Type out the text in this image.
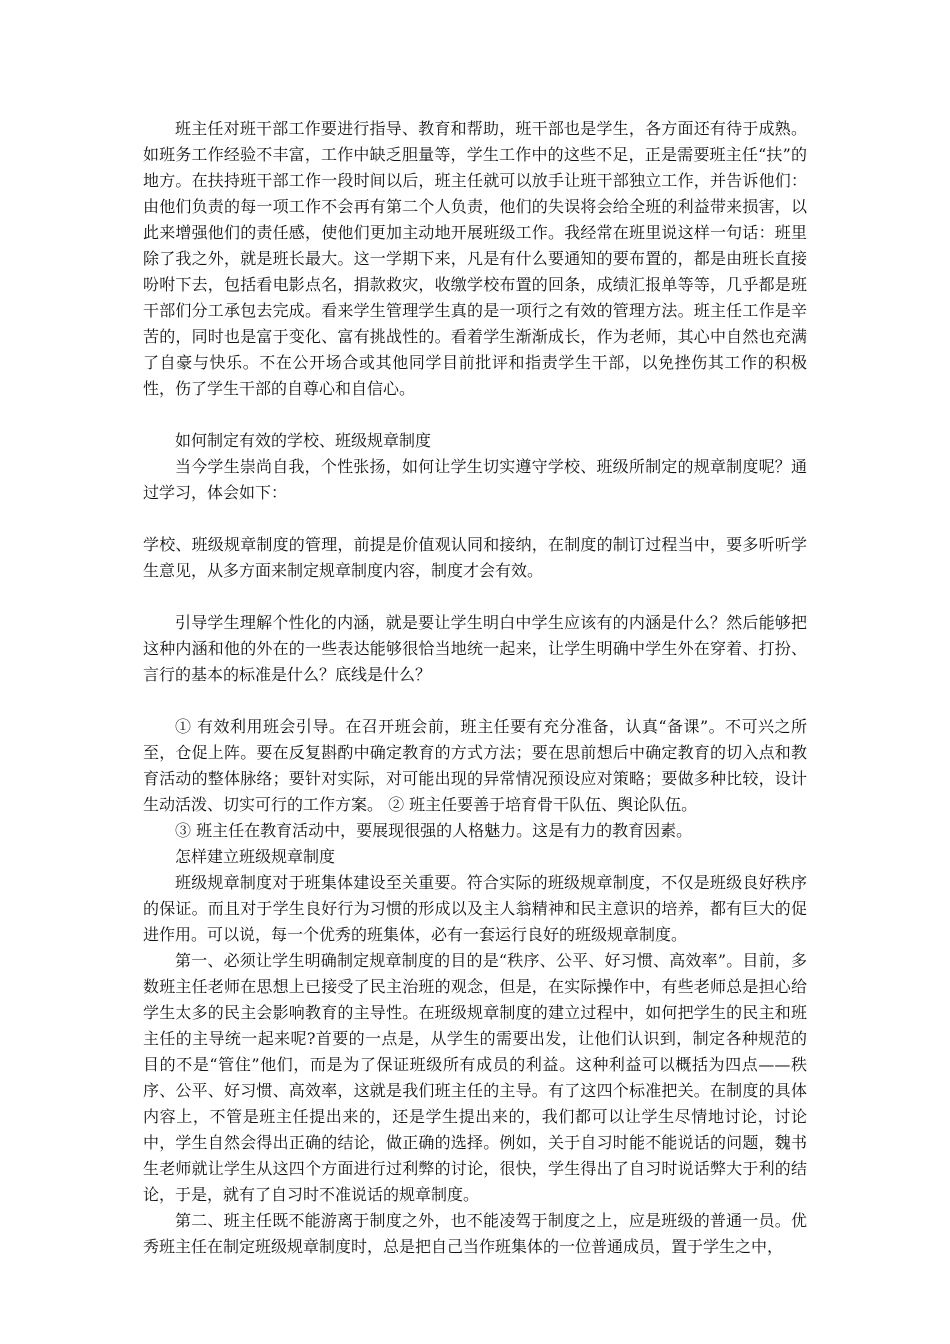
班主任对班干部工作要进行指导、教育和帮助，班干部也是学生，各方面还有待于成熟。如班务工作经验不丰富，工作中缺乏胆量等，学生工作中的这些不足，正是需要班主任“扶”的地方。在扶持班干部工作一段时间以后，班主任就可以放手让班干部独立工作，并告诉他们：由他们负责的每一项工作不会再有第二个人负责，他们的失误将会给全班的利益带来损害，以此来增强他们的责任感，使他们更加主动地开展班级工作。我经常在班里说这样一句话：班里除了我之外，就是班长最大。这一学期下来，凡是有什么要通知的要布置的，都是由班长直接吩咐下去，包括看电影点名，捐款救灾，收缴学校布置的回条，成绩汇报单等等，几乎都是班干部们分工承包去完成。看来学生管理学生真的是一项行之有效的管理方法。班主任工作是辛苦的，同时也是富于变化、富有挑战性的。看着学生渐渐成长，作为老师，其心中自然也充满了自豪与快乐。不在公开场合或其他同学目前批评和指责学生干部，以免挫伤其工作的积极性，伤了学生干部的自尊心和自信心。

如何制定有效的学校、班级规章制度

当今学生崇尚自我，个性张扬，如何让学生切实遵守学校、班级所制定的规章制度呢？通过学习，体会如下：

学校、班级规章制度的管理，前提是价值观认同和接纳，在制度的制订过程当中，要多听听学生意见，从多方面来制定规章制度内容，制度才会有效。

引导学生理解个性化的内涵，就是要让学生明白中学生应该有的内涵是什么？然后能够把这种内涵和他的外在的一些表达能够很恰当地统一起来，让学生明确中学生外在穿着、打扮、言行的基本的标准是什么？底线是什么？

① 有效利用班会引导。在召开班会前，班主任要有充分准备，认真“备课”。不可兴之所至，仓促上阵。要在反复斟酌中确定教育的方式方法；要在思前想后中确定教育的切入点和教育活动的整体脉络；要针对实际，对可能出现的异常情况预设应对策略；要做多种比较，设计生动活泼、切实可行的工作方案。 ② 班主任要善于培育骨干队伍、舆论队伍。

③ 班主任在教育活动中，要展现很强的人格魅力。这是有力的教育因素。

怎样建立班级规章制度

班级规章制度对于班集体建设至关重要。符合实际的班级规章制度，不仅是班级良好秩序的保证。而且对于学生良好行为习惯的形成以及主人翁精神和民主意识的培养，都有巨大的促进作用。可以说，每一个优秀的班集体，必有一套运行良好的班级规章制度。

第一、必须让学生明确制定规章制度的目的是“秩序、公平、好习惯、高效率”。目前，多数班主任老师在思想上已接受了民主治班的观念，但是，在实际操作中，有些老师总是担心给学生太多的民主会影响教育的主导性。在班级规章制度的建立过程中，如何把学生的民主和班主任的主导统一起来呢?首要的一点是，从学生的需要出发，让他们认识到，制定各种规范的目的不是“管住”他们，而是为了保证班级所有成员的利益。这种利益可以概括为四点——秩序、公平、好习惯、高效率，这就是我们班主任的主导。有了这四个标准把关。在制度的具体内容上，不管是班主任提出来的，还是学生提出来的，我们都可以让学生尽情地讨论，讨论中，学生自然会得出正确的结论，做正确的选择。例如，关于自习时能不能说话的问题，魏书生老师就让学生从这四个方面进行过利弊的讨论，很快，学生得出了自习时说话弊大于利的结论，于是，就有了自习时不准说话的规章制度。

第二、班主任既不能游离于制度之外，也不能凌驾于制度之上，应是班级的普通一员。优秀班主任在制定班级规章制度时，总是把自己当作班集体的一位普通成员，置于学生之中，
